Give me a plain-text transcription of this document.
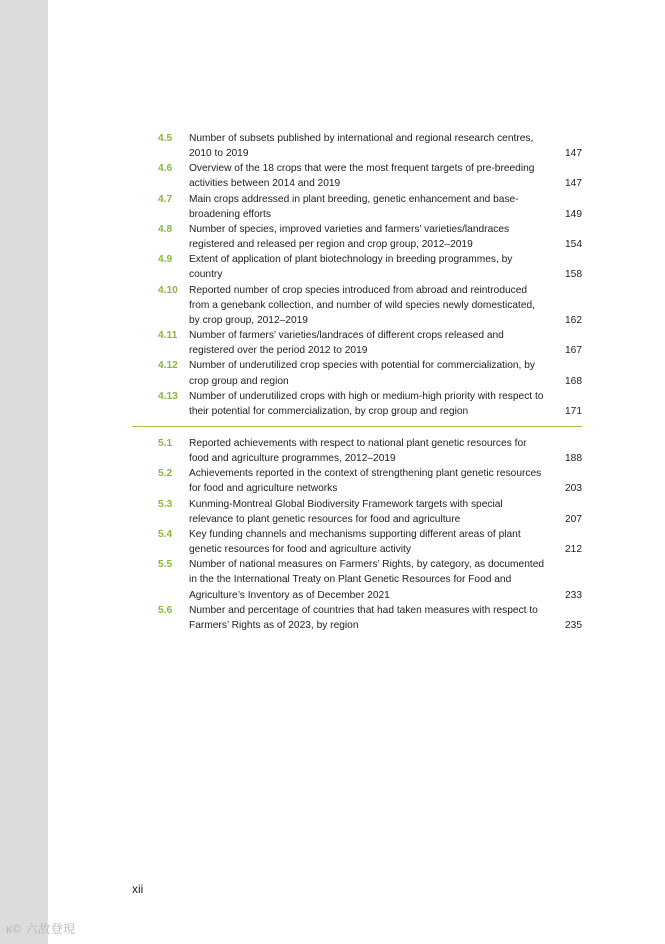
4.5 Number of subsets published by international and regional research centres, 2010 to 2019	147
4.6 Overview of the 18 crops that were the most frequent targets of pre-breeding activities between 2014 and 2019	147
4.7 Main crops addressed in plant breeding, genetic enhancement and base-broadening efforts	149
4.8 Number of species, improved varieties and farmers’ varieties/landraces registered and released per region and crop group, 2012–2019	154
4.9 Extent of application of plant biotechnology in breeding programmes, by country	158
4.10 Reported number of crop species introduced from abroad and reintroduced from a genebank collection, and number of wild species newly domesticated, by crop group, 2012–2019	162
4.11 Number of farmers’ varieties/landraces of different crops released and registered over the period 2012 to 2019	167
4.12 Number of underutilized crop species with potential for commercialization, by crop group and region	168
4.13 Number of underutilized crops with high or medium-high priority with respect to their potential for commercialization, by crop group and region	171
5.1 Reported achievements with respect to national plant genetic resources for food and agriculture programmes, 2012–2019	188
5.2 Achievements reported in the context of strengthening plant genetic resources for food and agriculture networks	203
5.3 Kunming-Montreal Global Biodiversity Framework targets with special relevance to plant genetic resources for food and agriculture	207
5.4 Key funding channels and mechanisms supporting different areas of plant genetic resources for food and agriculture activity	212
5.5 Number of national measures on Farmers’ Rights, by category, as documented in the the International Treaty on Plant Genetic Resources for Food and Agriculture’s Inventory as of December 2021	233
5.6 Number and percentage of countries that had taken measures with respect to Farmers’ Rights as of 2023, by region	235
xii
ĸ© 六敌登現
